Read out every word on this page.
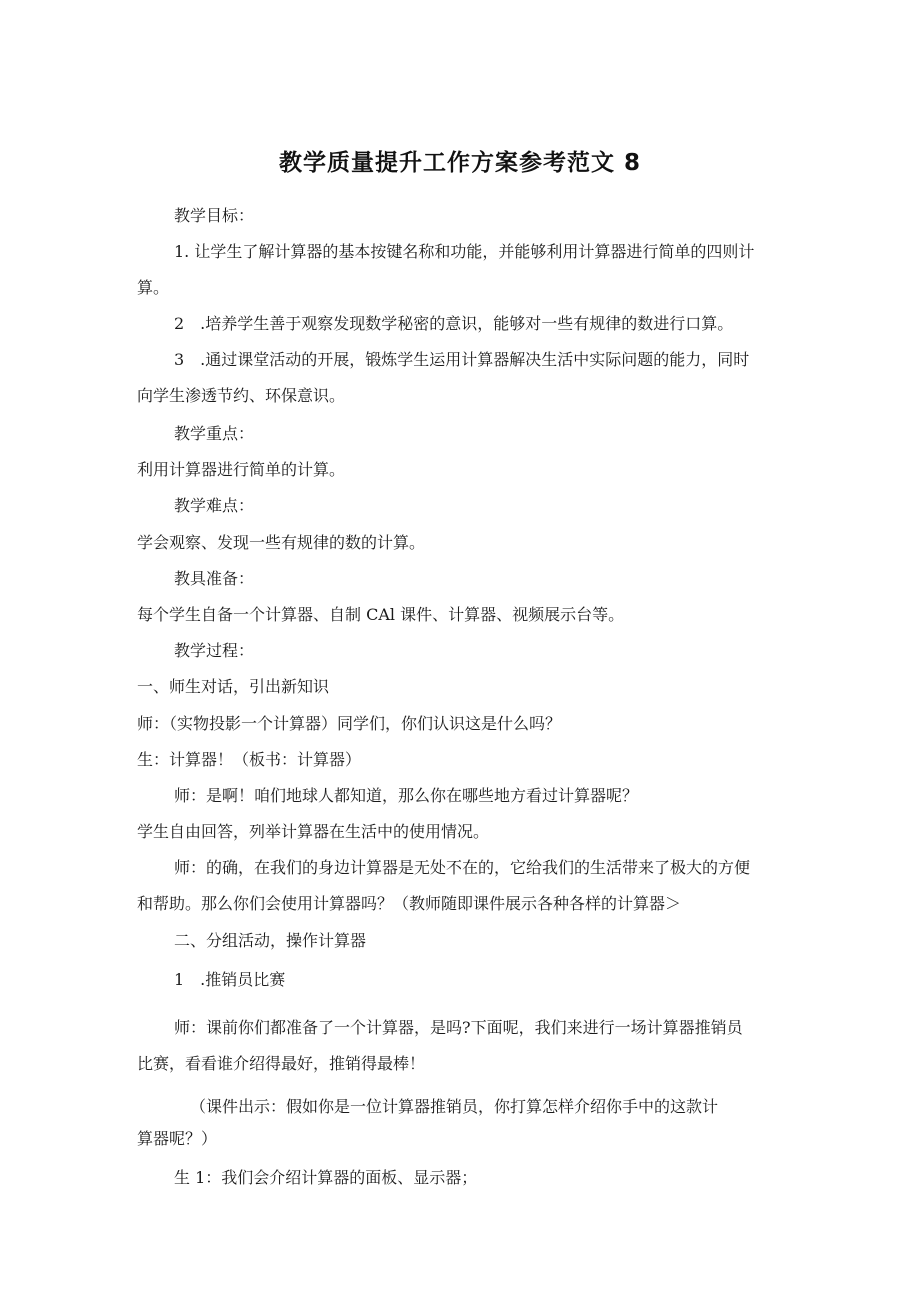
教学质量提升工作方案参考范文 8
教学目标：
1. 让学生了解计算器的基本按键名称和功能，并能够利用计算器进行简单的四则计
算。
2　.培养学生善于观察发现数学秘密的意识，能够对一些有规律的数进行口算。
3　.通过课堂活动的开展，锻炼学生运用计算器解决生活中实际问题的能力，同时
向学生渗透节约、环保意识。
教学重点：
利用计算器进行简单的计算。
教学难点：
学会观察、发现一些有规律的数的计算。
教具准备：
每个学生自备一个计算器、自制 CAl 课件、计算器、视频展示台等。
教学过程：
一、师生对话，引出新知识
师：（实物投影一个计算器）同学们，你们认识这是什么吗？
生：计算器！（板书：计算器）
师：是啊！咱们地球人都知道，那么你在哪些地方看过计算器呢？
学生自由回答，列举计算器在生活中的使用情况。
师：的确，在我们的身边计算器是无处不在的，它给我们的生活带来了极大的方便
和帮助。那么你们会使用计算器吗？（教师随即课件展示各种各样的计算器＞
二、分组活动，操作计算器
1　.推销员比赛
师：课前你们都准备了一个计算器，是吗?下面呢，我们来进行一场计算器推销员
比赛，看看谁介绍得最好，推销得最棒！
（课件出示：假如你是一位计算器推销员，你打算怎样介绍你手中的这款计
算器呢？）
生 1：我们会介绍计算器的面板、显示器；
